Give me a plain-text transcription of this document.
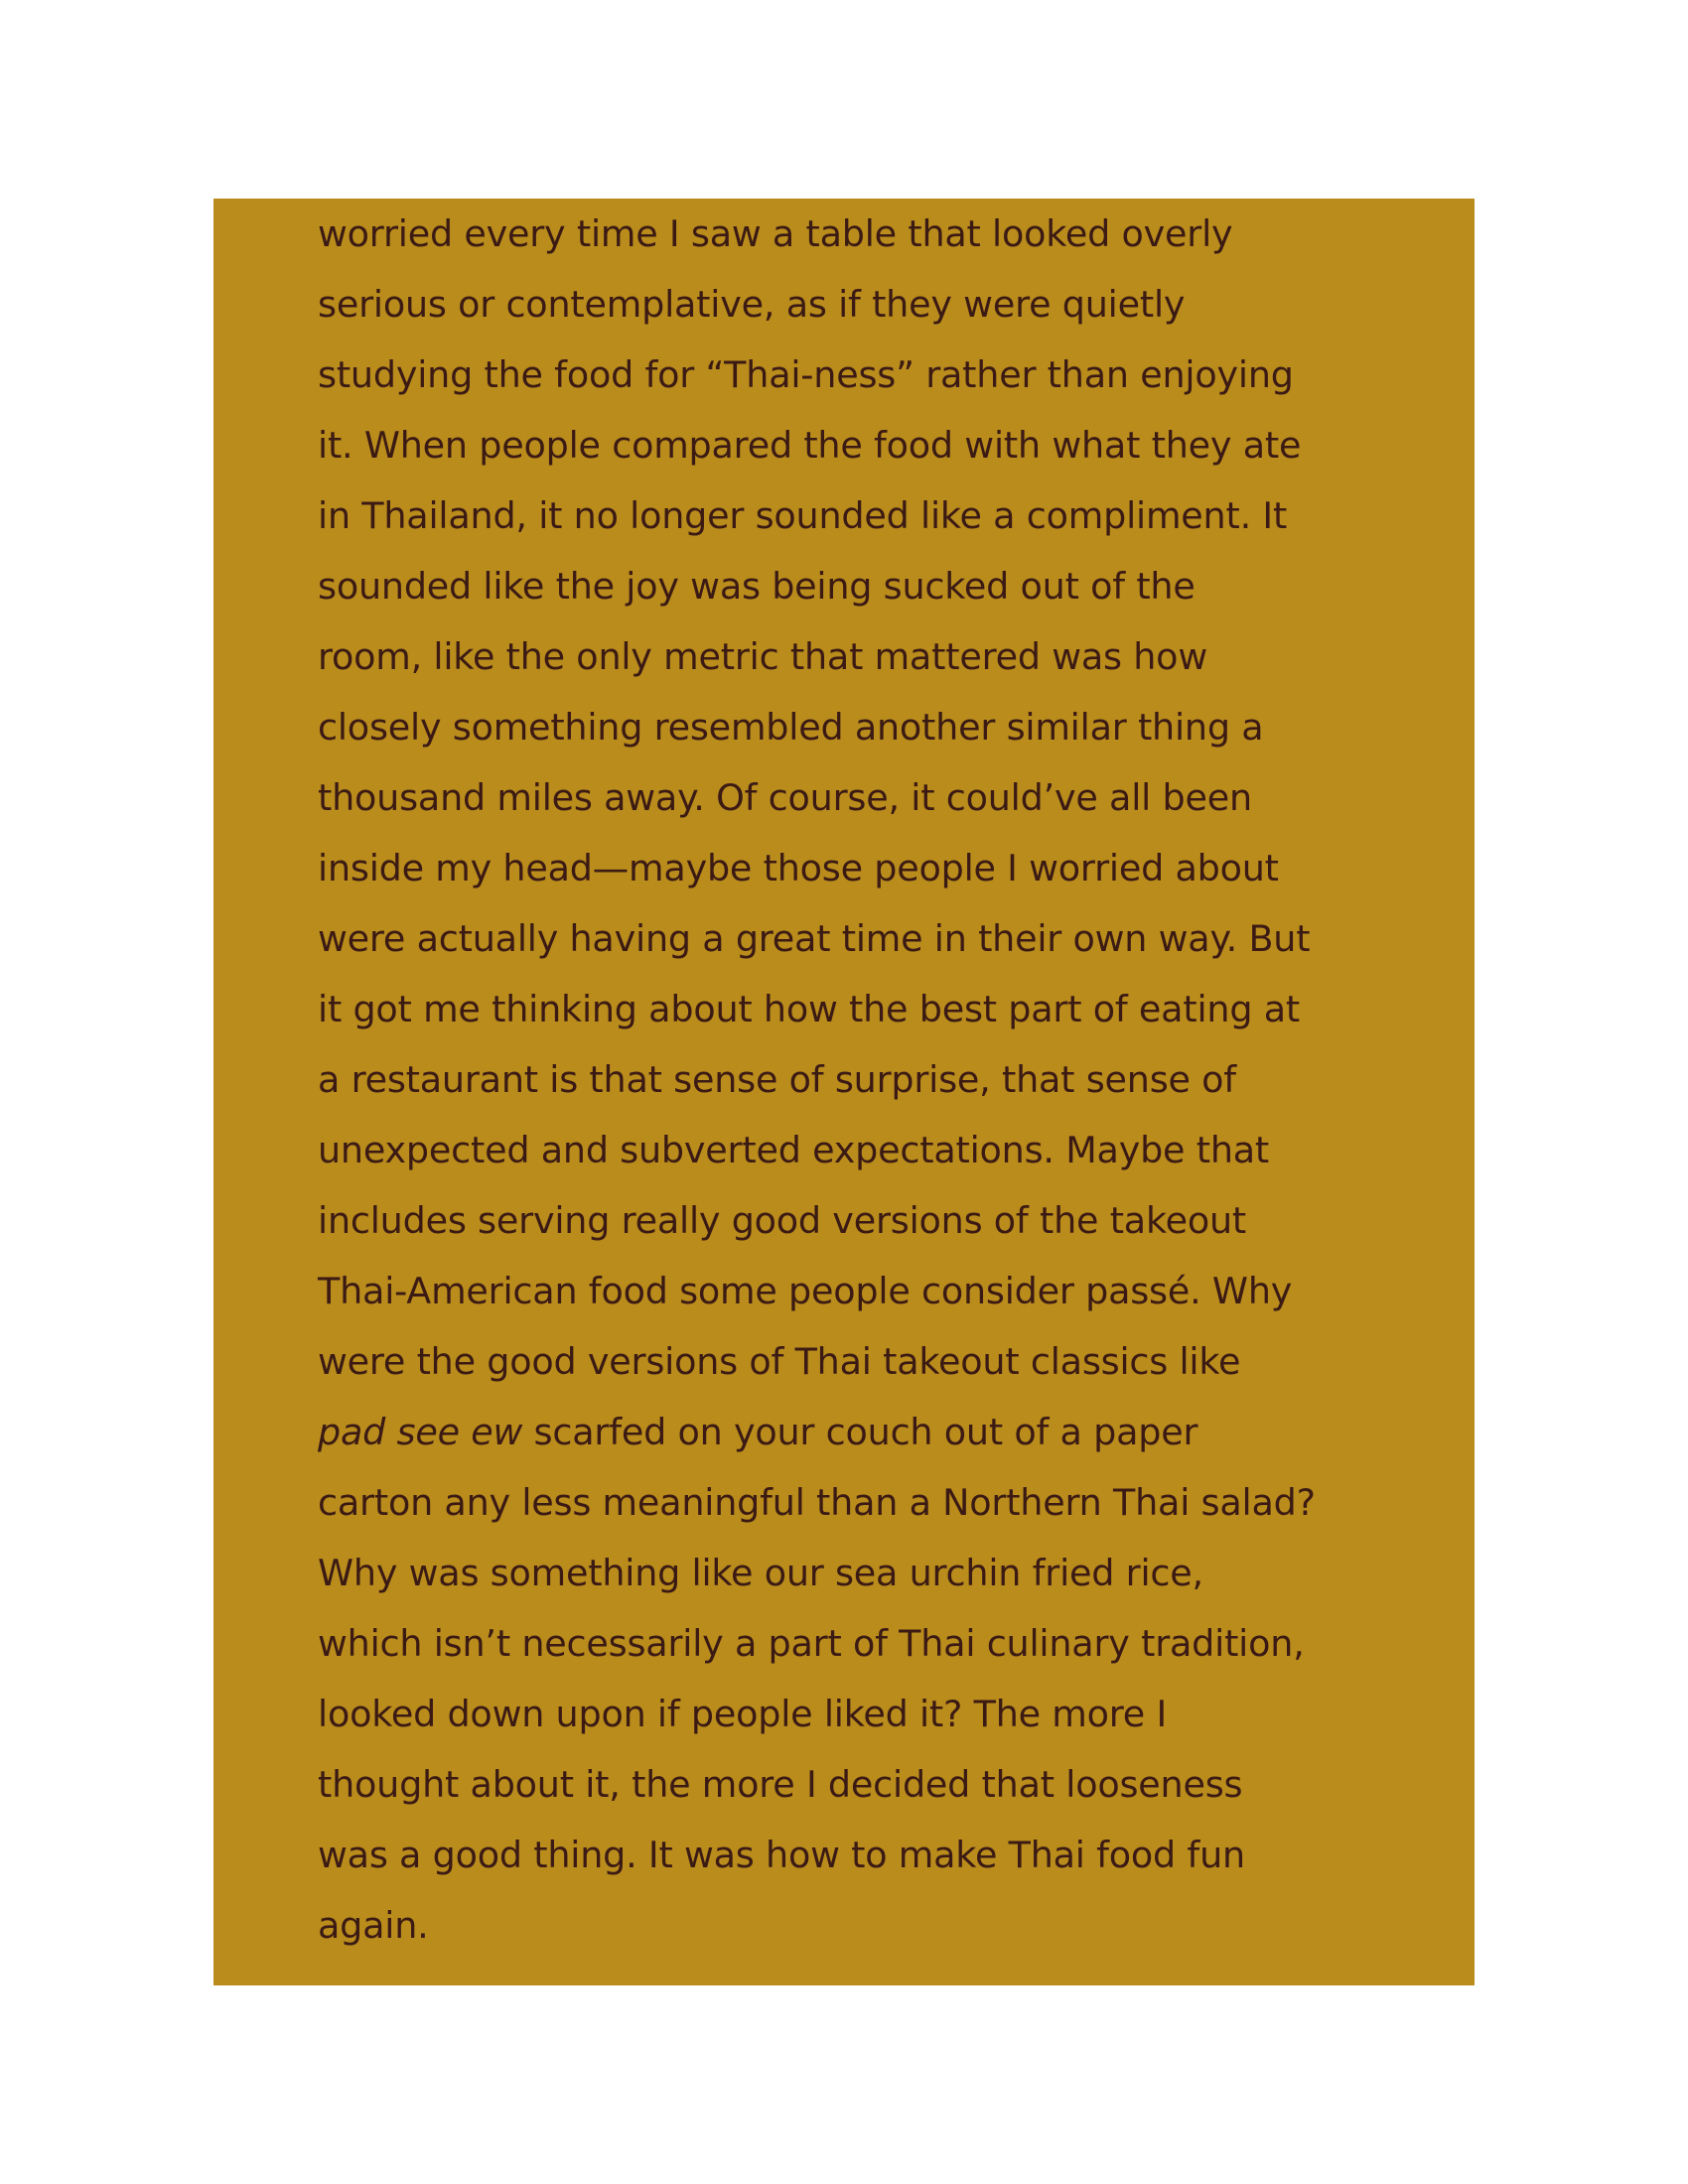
worried every time I saw a table that looked overly
serious or contemplative, as if they were quietly
studying the food for “Thai-ness” rather than enjoying
it. When people compared the food with what they ate
in Thailand, it no longer sounded like a compliment. It
sounded like the joy was being sucked out of the
room, like the only metric that mattered was how
closely something resembled another similar thing a
thousand miles away. Of course, it could’ve all been
inside my head—maybe those people I worried about
were actually having a great time in their own way. But
it got me thinking about how the best part of eating at
a restaurant is that sense of surprise, that sense of
unexpected and subverted expectations. Maybe that
includes serving really good versions of the takeout
Thai-American food some people consider passé. Why
were the good versions of Thai takeout classics like
pad see ew scarfed on your couch out of a paper
carton any less meaningful than a Northern Thai salad?
Why was something like our sea urchin fried rice,
which isn’t necessarily a part of Thai culinary tradition,
looked down upon if people liked it? The more I
thought about it, the more I decided that looseness
was a good thing. It was how to make Thai food fun
again.
